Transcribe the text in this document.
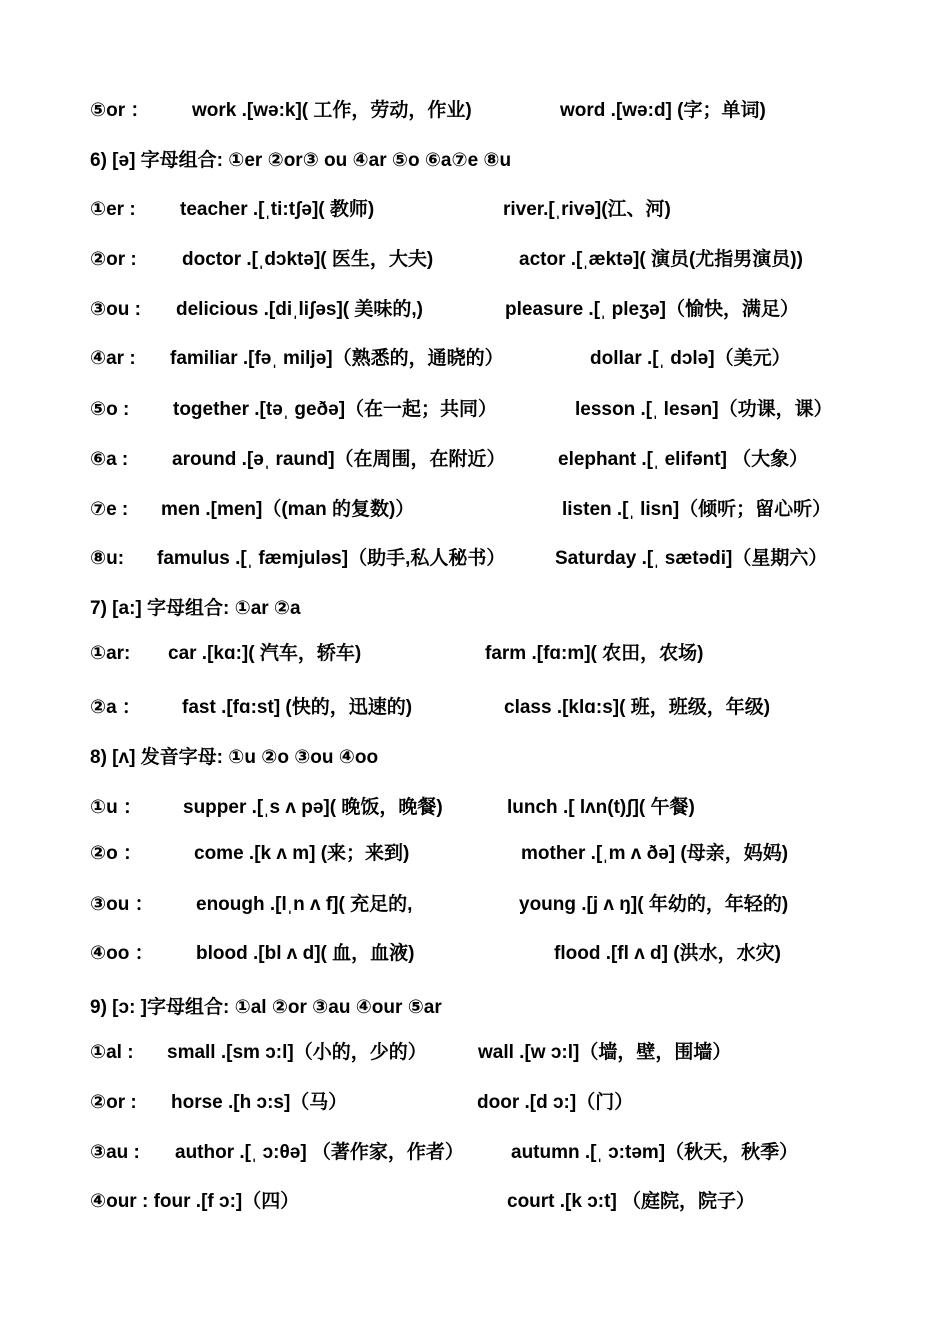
⑤or ： work .[wə:k]( 工作，劳动，作业)	word .[wə:d] (字；单词)
6) [ə] 字母组合: ①er ②or③ ou ④ar ⑤o ⑥a⑦e ⑧u
①er : teacher .[ˌti:tʃə]( 教师)	river.[ˌrivə](江、河)
②or : doctor .[ˌdɔktə]( 医生，大夫)	actor .[ˌæktə]( 演员(尤指男演员))
③ou : delicious .[diˌliʃəs]( 美味的,)	pleasure .[ˌ pleʒə]（愉快，满足）
④ar : familiar .[fəˌ miljə]（熟悉的，通晓的）	dollar .[ˌ dɔlə]（美元）
⑤o : together .[təˌ geðə]（在一起；共同）	lesson .[ˌ lesən]（功课，课）
⑥a : around .[əˌ raund]（在周围，在附近）	elephant .[ˌ elifənt] （大象）
⑦e : men .[men]（(man 的复数)）	listen .[ˌ lisn]（倾听；留心听）
⑧u: famulus .[ˌ fæmjuləs]（助手,私人秘书）	Saturday .[ˌ sætədi]（星期六）
7) [a:] 字母组合: ①ar ②a
①ar: car .[kɑ:]( 汽车，轿车)	farm .[fɑ:m]( 农田，农场)
②a ： fast .[fɑ:st] (快的，迅速的)	class .[klɑ:s]( 班，班级，年级)
8) [ʌ] 发音字母: ①u ②o ③ou ④oo
①u ： supper .[ˌs ʌ pə]( 晚饭，晚餐)	lunch .[ lʌn(t)ʃ]( 午餐)
②o ：	come .[k ʌ m] (来；来到)	mother .[ˌm ʌ ðə] (母亲，妈妈)
③ou ： enough .[lˌn ʌ f]( 充足的,	young .[j ʌ ŋ]( 年幼的，年轻的)
④oo ： blood .[bl ʌ d]( 血，血液)	flood .[fl ʌ d] (洪水，水灾)
9) [ɔ: ]字母组合: ①al ②or ③au ④our ⑤ar
①al : small .[sm ɔ:l]（小的，少的）	wall .[w ɔ:l]（墙，壁，围墙）
②or : horse .[h ɔ:s]（马）	door .[d ɔ:]（门）
③au : author .[ˌ ɔ:θə] （著作家，作者） autumn .[ˌ ɔ:təm]（秋天，秋季）
④our : four .[f ɔ:]（四）	court .[k ɔ:t] （庭院，院子）
